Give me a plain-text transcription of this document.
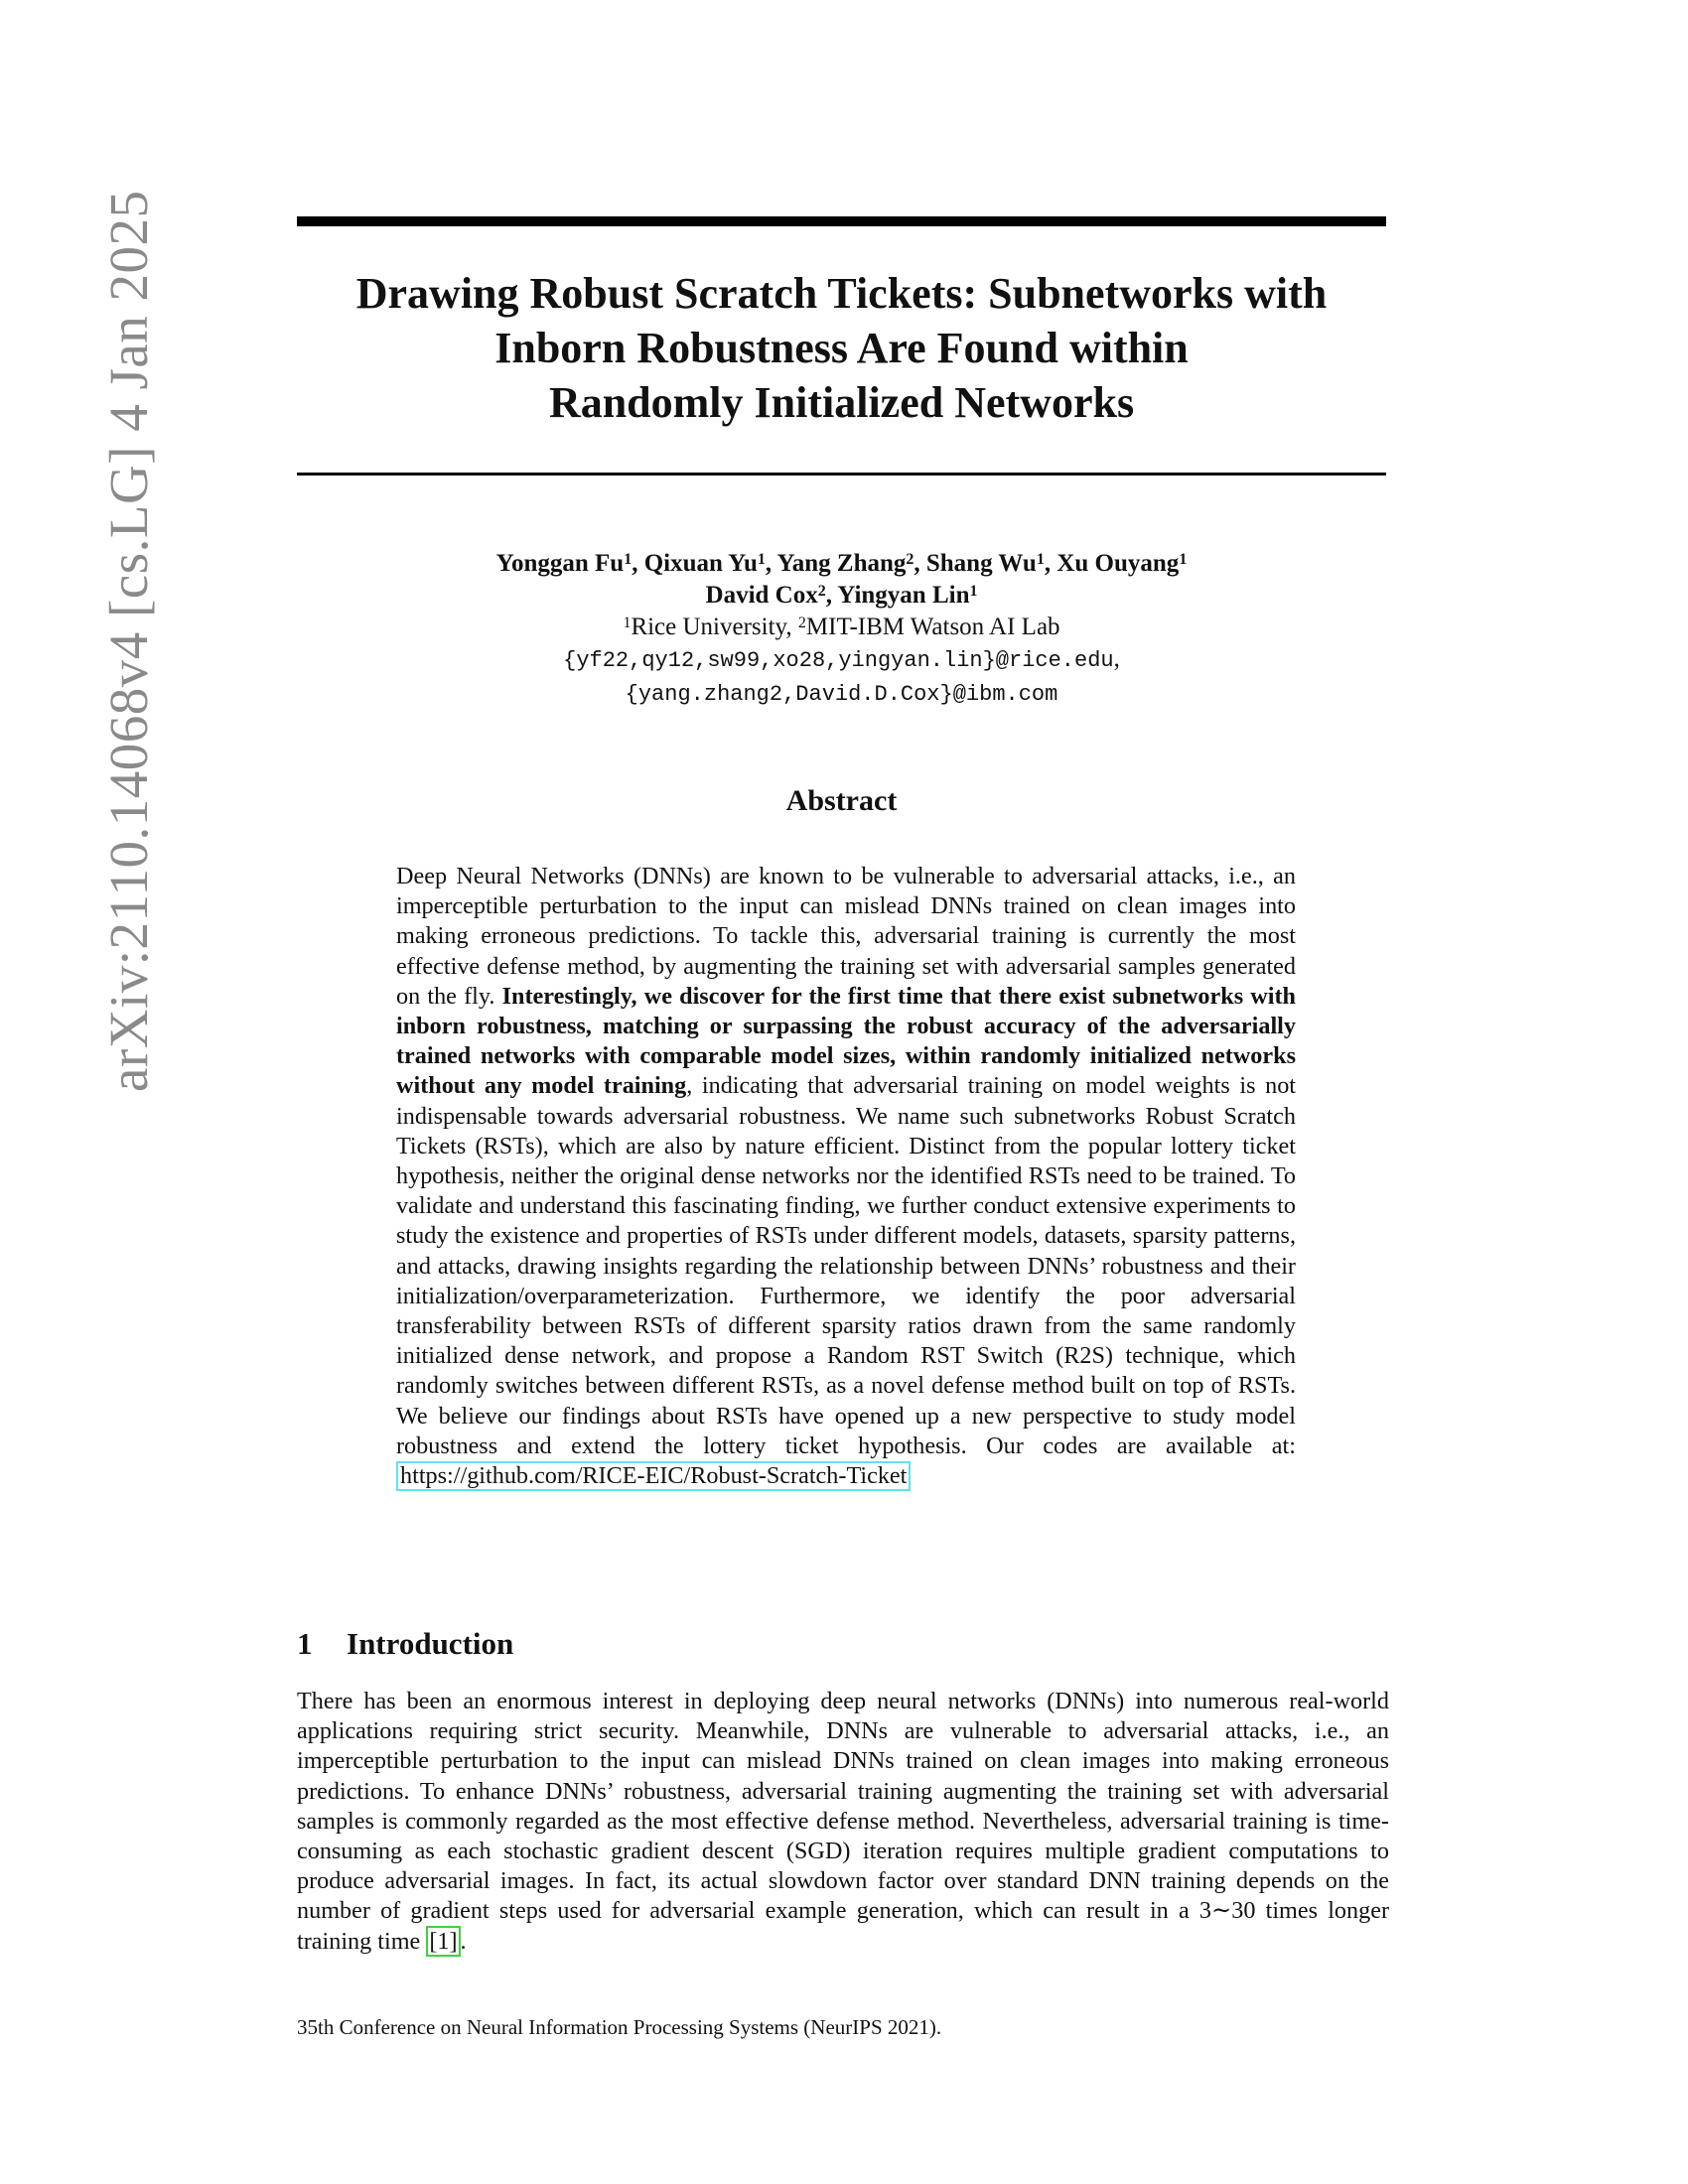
arXiv:2110.14068v4 [cs.LG] 4 Jan 2025	Drawing Robust Scratch Tickets: Subnetworks with
Inborn Robustness Are Found within
Randomly Initialized Networks
Yonggan Fu$^1$, Qixuan Yu$^1$, Yang Zhang$^2$, Shang Wu$^1$, Xu Ouyang$^1$
David Cox$^2$, Yingyan Lin$^1$
$^1$Rice University, $^2$MIT-IBM Watson AI Lab
{yf22,qy12,sw99,xo28,yingyan.lin}@rice.edu,
{yang.zhang2,David.D.Cox}@ibm.com
Abstract
Deep Neural Networks (DNNs) are known to be vulnerable to adversarial attacks, i.e., an imperceptible perturbation to the input can mislead DNNs trained on clean images into making erroneous predictions. To tackle this, adversarial training is currently the most effective defense method, by augmenting the training set with adversarial samples generated on the fly. Interestingly, we discover for the first time that there exist subnetworks with inborn robustness, matching or surpassing the robust accuracy of the adversarially trained networks with comparable model sizes, within randomly initialized networks without any model training, indicating that adversarial training on model weights is not indispensable towards adversarial robustness. We name such subnetworks Robust Scratch Tickets (RSTs), which are also by nature efficient. Distinct from the popular lottery ticket hypothesis, neither the original dense networks nor the identified RSTs need to be trained. To validate and understand this fascinating finding, we further conduct extensive experiments to study the existence and properties of RSTs under different models, datasets, sparsity patterns, and attacks, drawing insights regarding the relationship between DNNs’ robustness and their initialization/overparameterization. Furthermore, we identify the poor adversarial transferability between RSTs of different sparsity ratios drawn from the same randomly initialized dense network, and propose a Random RST Switch (R2S) technique, which randomly switches between different RSTs, as a novel defense method built on top of RSTs. We believe our findings about RSTs have opened up a new perspective to study model robustness and extend the lottery ticket hypothesis. Our codes are available at: https://github.com/RICE-EIC/Robust-Scratch-Ticket
1 Introduction
There has been an enormous interest in deploying deep neural networks (DNNs) into numerous real-world applications requiring strict security. Meanwhile, DNNs are vulnerable to adversarial attacks, i.e., an imperceptible perturbation to the input can mislead DNNs trained on clean images into making erroneous predictions. To enhance DNNs’ robustness, adversarial training augmenting the training set with adversarial samples is commonly regarded as the most effective defense method. Nevertheless, adversarial training is time-consuming as each stochastic gradient descent (SGD) iteration requires multiple gradient computations to produce adversarial images. In fact, its actual slowdown factor over standard DNN training depends on the number of gradient steps used for adversarial example generation, which can result in a 3∼30 times longer training time [1] .
35th Conference on Neural Information Processing Systems (NeurIPS 2021).
